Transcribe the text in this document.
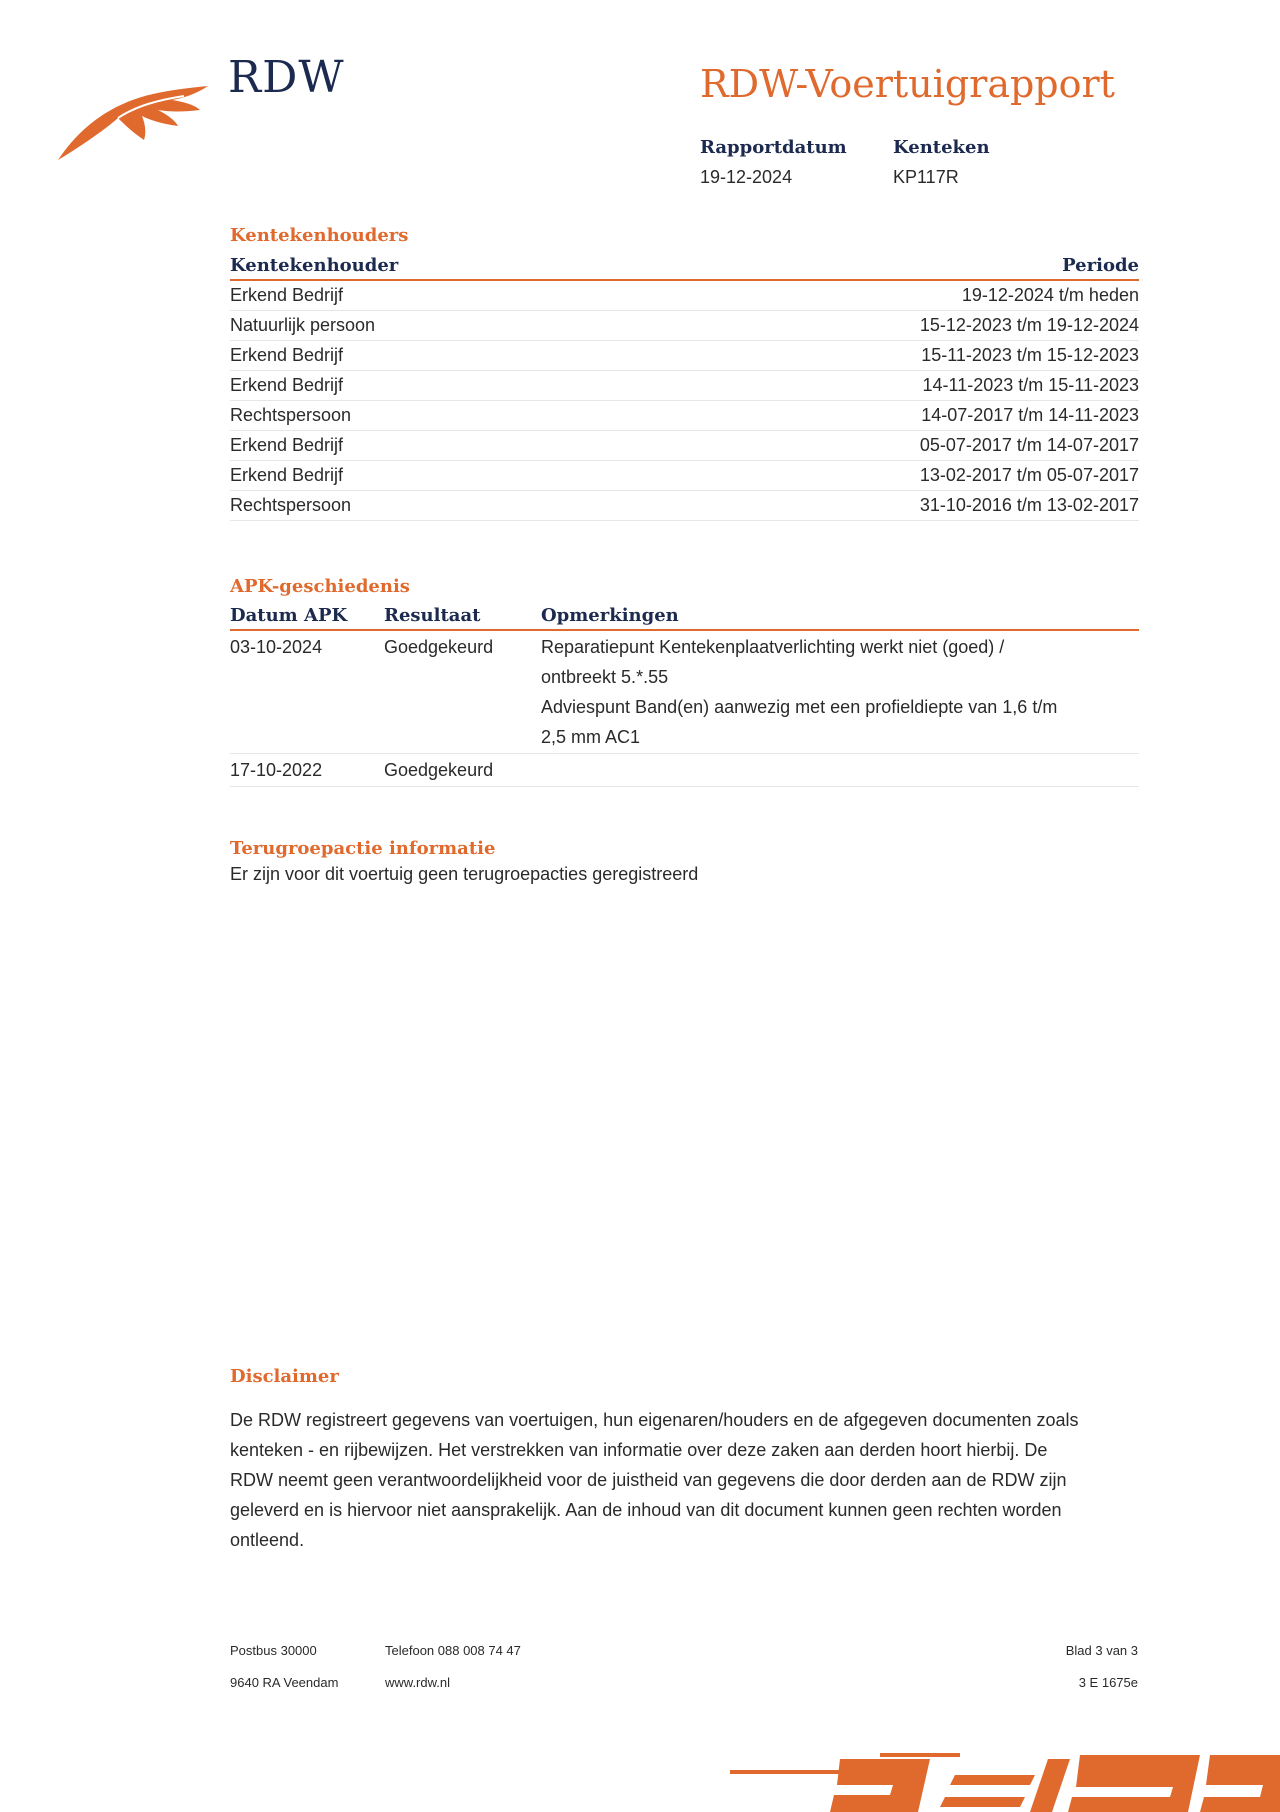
RDW	RDW-Voertuigrapport
Rapportdatum
19-12-2024
Kenteken
KP117R
Kentekenhouders
Kentekenhouder	Periode
Erkend Bedrijf	19-12-2024 t/m heden
Natuurlijk persoon	15-12-2023 t/m 19-12-2024
Erkend Bedrijf	15-11-2023 t/m 15-12-2023
Erkend Bedrijf	14-11-2023 t/m 15-11-2023
Rechtspersoon	14-07-2017 t/m 14-11-2023
Erkend Bedrijf	05-07-2017 t/m 14-07-2017
Erkend Bedrijf	13-02-2017 t/m 05-07-2017
Rechtspersoon	31-10-2016 t/m 13-02-2017
APK-geschiedenis
Datum APK	Resultaat	Opmerkingen
03-10-2024	Goedgekeurd	Reparatiepunt Kentekenplaatverlichting werkt niet (goed) /
ontbreekt 5.*.55
Adviespunt Band(en) aanwezig met een profieldiepte van 1,6 t/m
2,5 mm AC1

17-10-2022	Goedgekeurd	
Terugroepactie informatie
Er zijn voor dit voertuig geen terugroepacties geregistreerd
Disclaimer
De RDW registreert gegevens van voertuigen, hun eigenaren/houders en de afgegeven documenten zoals
kenteken - en rijbewijzen. Het verstrekken van informatie over deze zaken aan derden hoort hierbij. De
RDW neemt geen verantwoordelijkheid voor de juistheid van gegevens die door derden aan de RDW zijn
geleverd en is hiervoor niet aansprakelijk. Aan de inhoud van dit document kunnen geen rechten worden
ontleend.
Postbus 30000
9640 RA Veendam
Telefoon 088 008 74 47
www.rdw.nl
Blad 3 van 3
3 E 1675e
